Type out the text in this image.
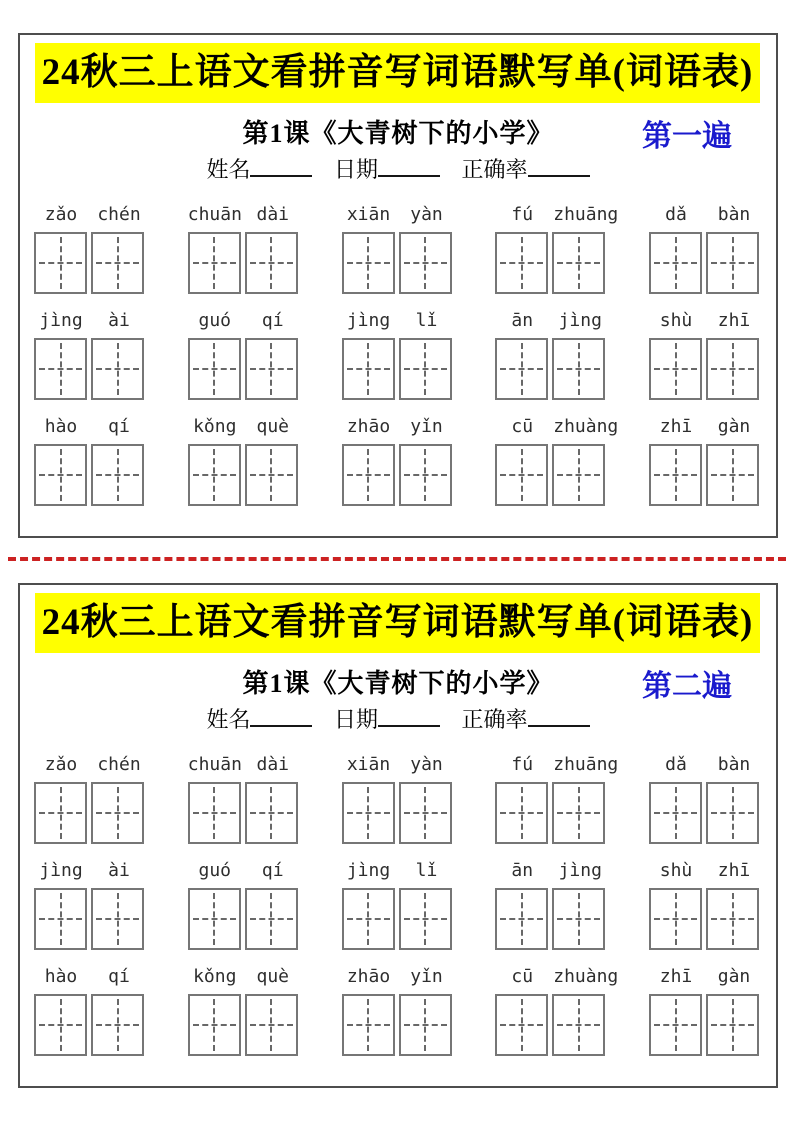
24秋三上语文看拼音写词语默写单(词语表)
第1课《大青树下的小学》	第一遍
姓名	日期	正确率
zǎo	chén	chuān dài	xiān	yàn	fú	zhuāng	dǎ	bàn
jìng	ài	guó	qí	jìng	lǐ	ān	jìng	shù	zhī
hào	qí	kǒng	què	zhāo	yǐn	cū	zhuàng	zhī	gàn
24秋三上语文看拼音写词语默写单(词语表)
第1课《大青树下的小学》	第二遍
姓名	日期	正确率
zǎo	chén	chuān dài	xiān	yàn	fú	zhuāng	dǎ	bàn
jìng	ài	guó	qí	jìng	lǐ	ān	jìng	shù	zhī
hào	qí	kǒng	què	zhāo	yǐn	cū	zhuàng	zhī	gàn
